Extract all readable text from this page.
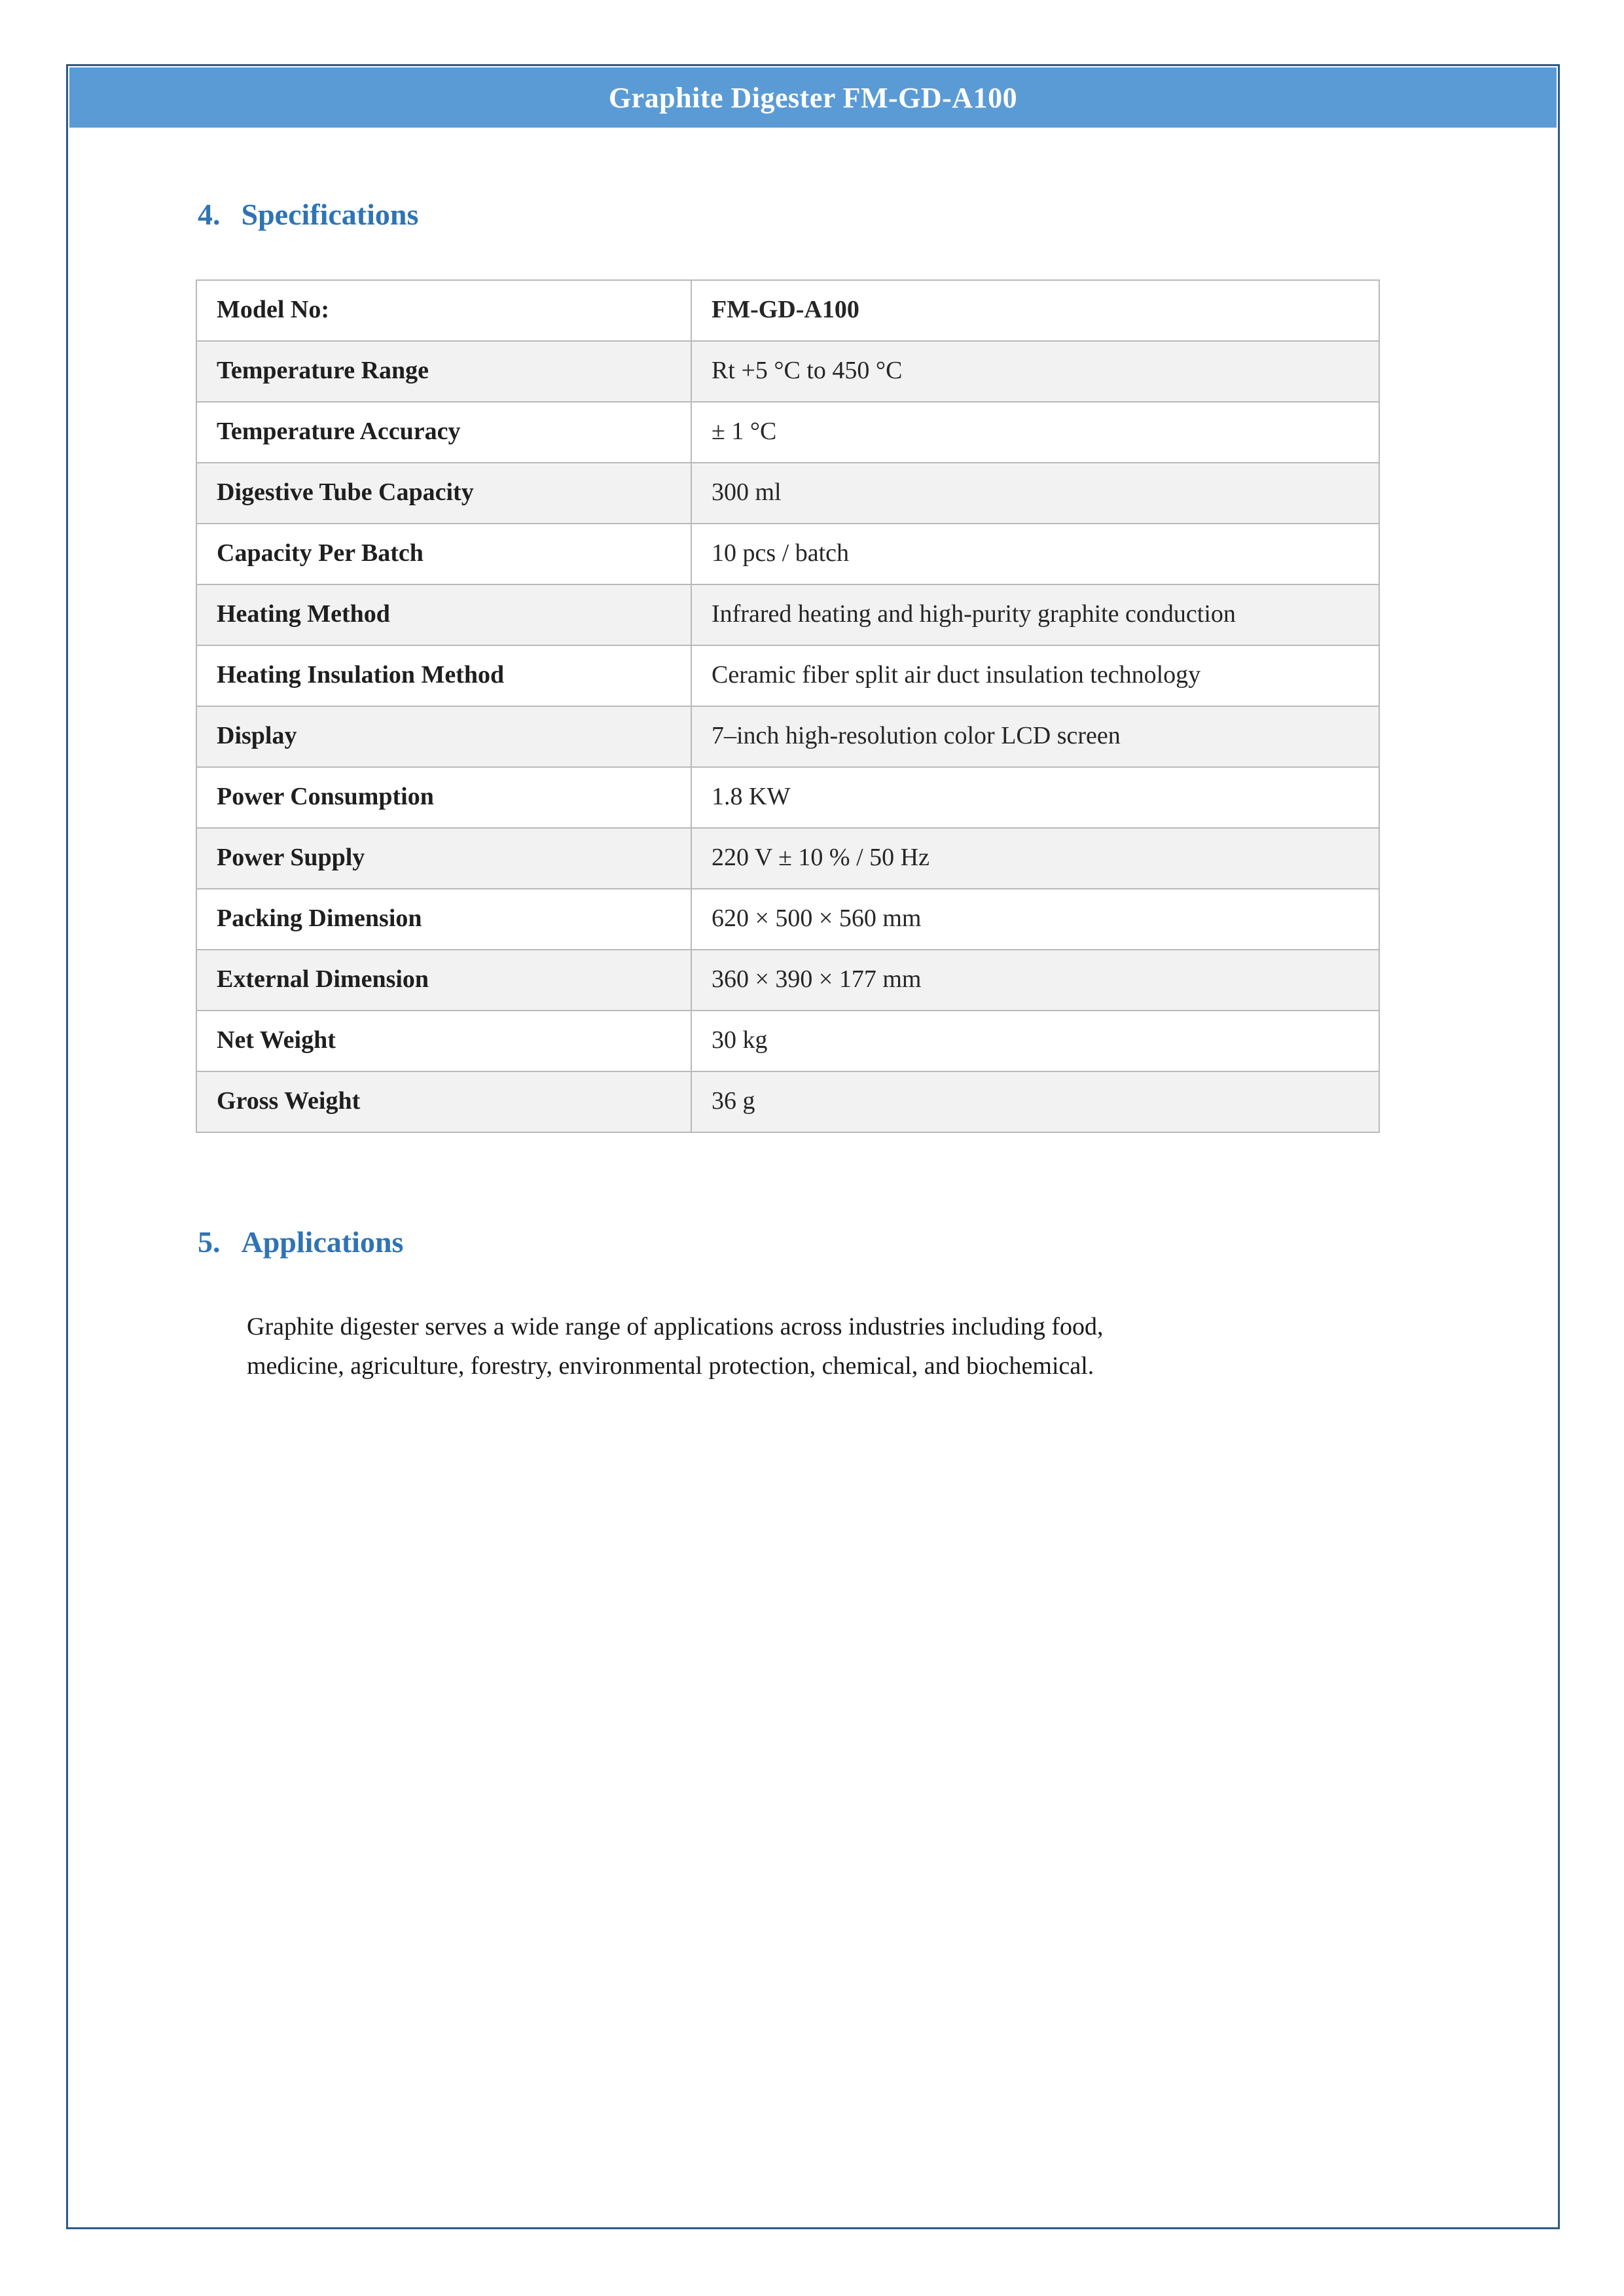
Graphite Digester FM-GD-A100
4. Specifications
Model No:	FM-GD-A100
Temperature Range	Rt +5 °C to 450 °C
Temperature Accuracy	± 1 °C
Digestive Tube Capacity	300 ml
Capacity Per Batch	10 pcs / batch
Heating Method	Infrared heating and high-purity graphite conduction
Heating Insulation Method	Ceramic fiber split air duct insulation technology
Display	7–inch high-resolution color LCD screen
Power Consumption	1.8 KW
Power Supply	220 V ± 10 % / 50 Hz
Packing Dimension	620 × 500 × 560 mm
External Dimension	360 × 390 × 177 mm
Net Weight	30 kg
Gross Weight	36 g
5. Applications

Graphite digester serves a wide range of applications across industries including food,
medicine, agriculture, forestry, environmental protection, chemical, and biochemical.
